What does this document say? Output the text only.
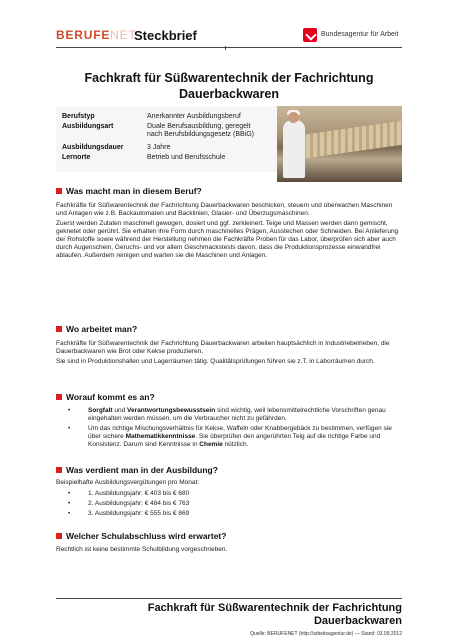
BERUFENET
Steckbrief	Bundesagentur für Arbeit
Fachkraft für Süßwarentechnik der Fachrichtung
Dauerbackwaren
Berufstyp	Anerkannter Ausbildungsberuf
Ausbildungsart	Duale Berufsausbildung, geregelt nach Berufsbildungsgesetz (BBiG)
Ausbildungsdauer	3 Jahre
Lernorte	Betrieb und Berufsschule
Was macht man in diesem Beruf?

Fachkräfte für Süßwarentechnik der Fachrichtung Dauerbackwaren beschicken, steuern und überwachen Maschinen und Anlagen wie z.B. Backautomaten und Backlinien, Glasier- und Überzugsmaschinen.

Zuerst werden Zutaten maschinell gewogen, dosiert und ggf. zerkleinert. Teige und Massen werden dann gemischt, geknetet oder gerührt. Sie erhalten ihre Form durch maschinelles Prägen, Ausstechen oder Schneiden. Bei Anlieferung der Rohstoffe sowie während der Herstellung nehmen die Fachkräfte Proben für das Labor, überprüfen sich aber auch durch Augenschein, Geruchs- und vor allem Geschmackstests davon, dass die Produktionsprozesse einwandfrei ablaufen. Außerdem reinigen und warten sie die Maschinen und Anlagen.

Wo arbeitet man?

Fachkräfte für Süßwarentechnik der Fachrichtung Dauerbackwaren arbeiten hauptsächlich in Industriebetrieben, die Dauerbackwaren wie Brot oder Kekse produzieren.

Sie sind in Produktionshallen und Lagerräumen tätig. Qualitätsprüfungen führen sie z.T. in Laborräumen durch.

Worauf kommt es an?
• Sorgfalt und Verantwortungsbewusstsein sind wichtig, weil lebensmittelrechtliche Vorschriften genau eingehalten werden müssen, um die Verbraucher nicht zu gefährden.
• Um das richtige Mischungsverhältnis für Kekse, Waffeln oder Knabbergebäck zu bestimmen, verfügen sie über sichere Mathematikkenntnisse. Sie überprüfen den angerührten Teig auf die richtige Farbe und Konsistenz. Darum sind Kenntnisse in Chemie nützlich.
Was verdient man in der Ausbildung?
Beispielhafte Ausbildungsvergütungen pro Monat:
• 1. Ausbildungsjahr: € 403 bis € 680
• 2. Ausbildungsjahr: € 484 bis € 763
• 3. Ausbildungsjahr: € 555 bis € 869
Welcher Schulabschluss wird erwartet?
Rechtlich ist keine bestimmte Schulbildung vorgeschrieben.
Fachkraft für Süßwarentechnik der Fachrichtung
Dauerbackwaren
Quelle: BERUFENET (http://arbeitsagentur.de) — Stand: 03.09.2012
